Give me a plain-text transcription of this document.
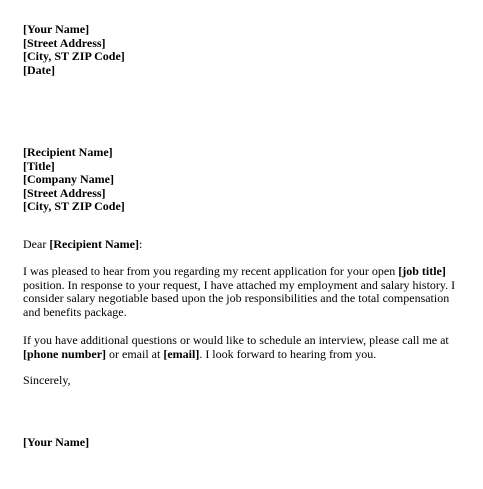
[Your Name]
[Street Address]
[City, ST ZIP Code]
[Date]
[Recipient Name]
[Title]
[Company Name]
[Street Address]
[City, ST ZIP Code]
Dear [Recipient Name]:
I was pleased to hear from you regarding my recent application for your open [job title] position. In response to your request, I have attached my employment and salary history. I consider salary negotiable based upon the job responsibilities and the total compensation and benefits package.
If you have additional questions or would like to schedule an interview, please call me at [phone number] or email at [email]. I look forward to hearing from you.
Sincerely,
[Your Name]
